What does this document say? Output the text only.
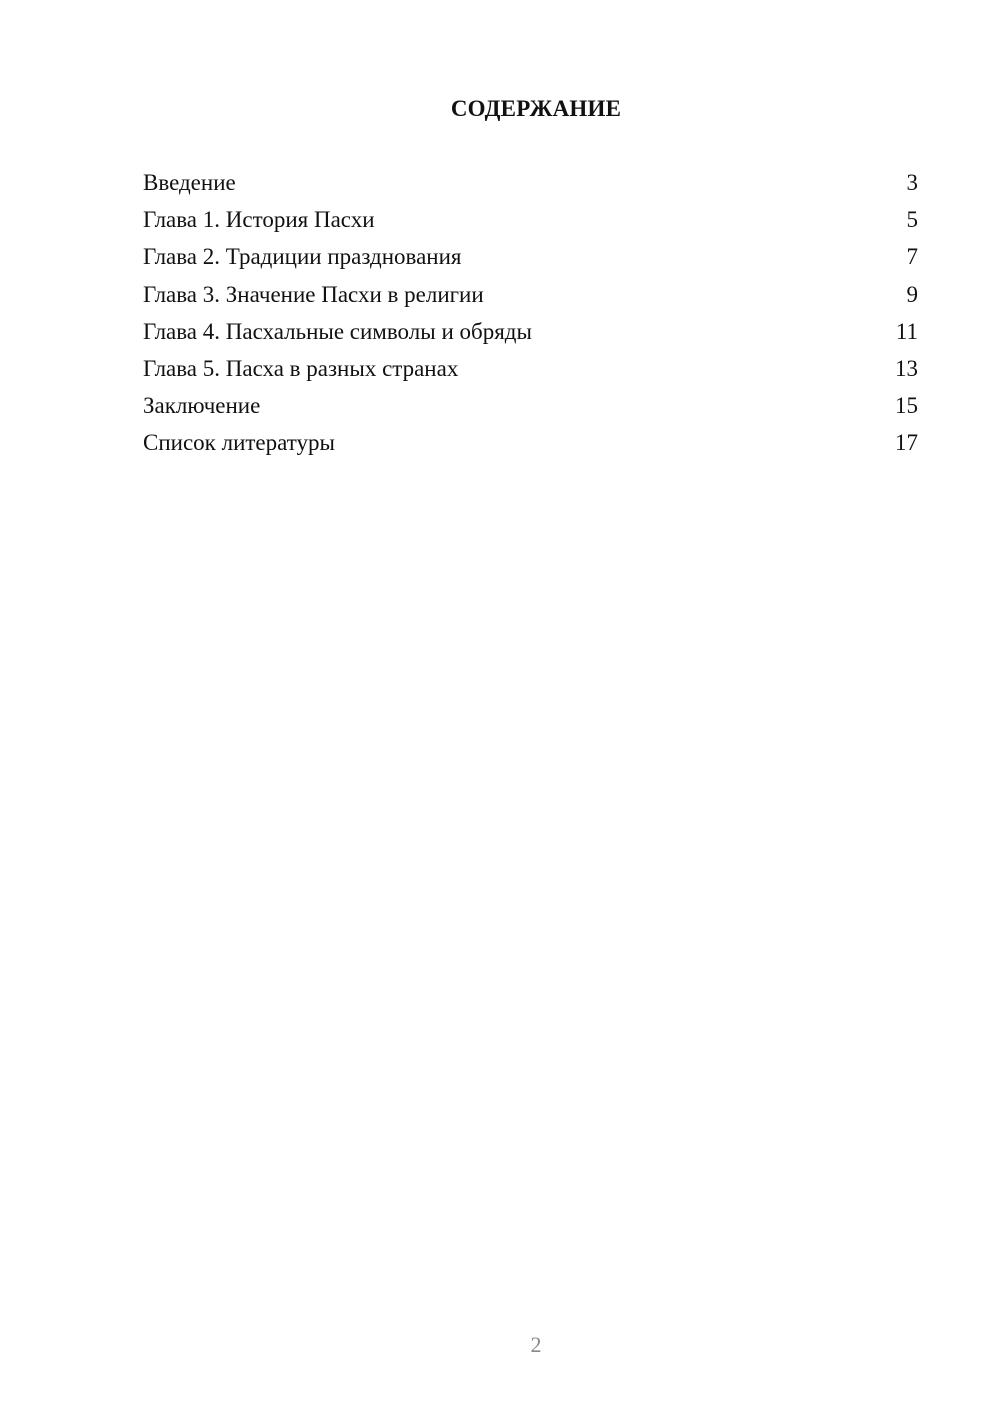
СОДЕРЖАНИЕ
Введение	3
Глава 1. История Пасхи	5
Глава 2. Традиции празднования	7
Глава 3. Значение Пасхи в религии	9
Глава 4. Пасхальные символы и обряды	11
Глава 5. Пасха в разных странах	13
Заключение	15
Список литературы	17
2
